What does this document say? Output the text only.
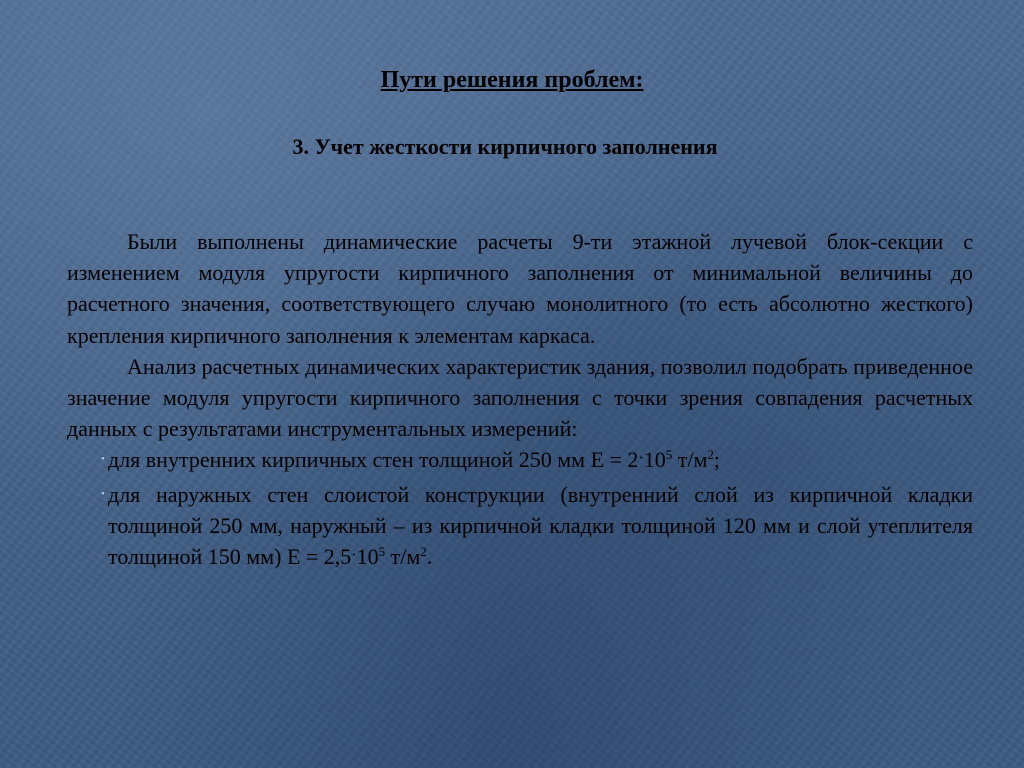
Пути решения проблем:
3. Учет жесткости кирпичного заполнения

Были выполнены динамические расчеты 9-ти этажной лучевой блок-секции с изменением модуля упругости кирпичного заполнения от минимальной величины до расчетного значения, соответствующего случаю монолитного (то есть абсолютно жесткого) крепления кирпичного заполнения к элементам каркаса.

Анализ расчетных динамических характеристик здания, позволил подобрать приведенное значение модуля упругости кирпичного заполнения с точки зрения совпадения расчетных данных с результатами инструментальных измерений:

• для внутренних кирпичных стен толщиной 250 мм $Е = 2\cdot 10^5$ $т/м^2$;
• для наружных стен слоистой конструкции (внутренний слой из кирпичной кладки толщиной 250 мм, наружный – из кирпичной кладки толщиной 120 мм и слой утеплителя толщиной 150 мм) $Е = 2,5\cdot 10^5$ $т/м^2$.
